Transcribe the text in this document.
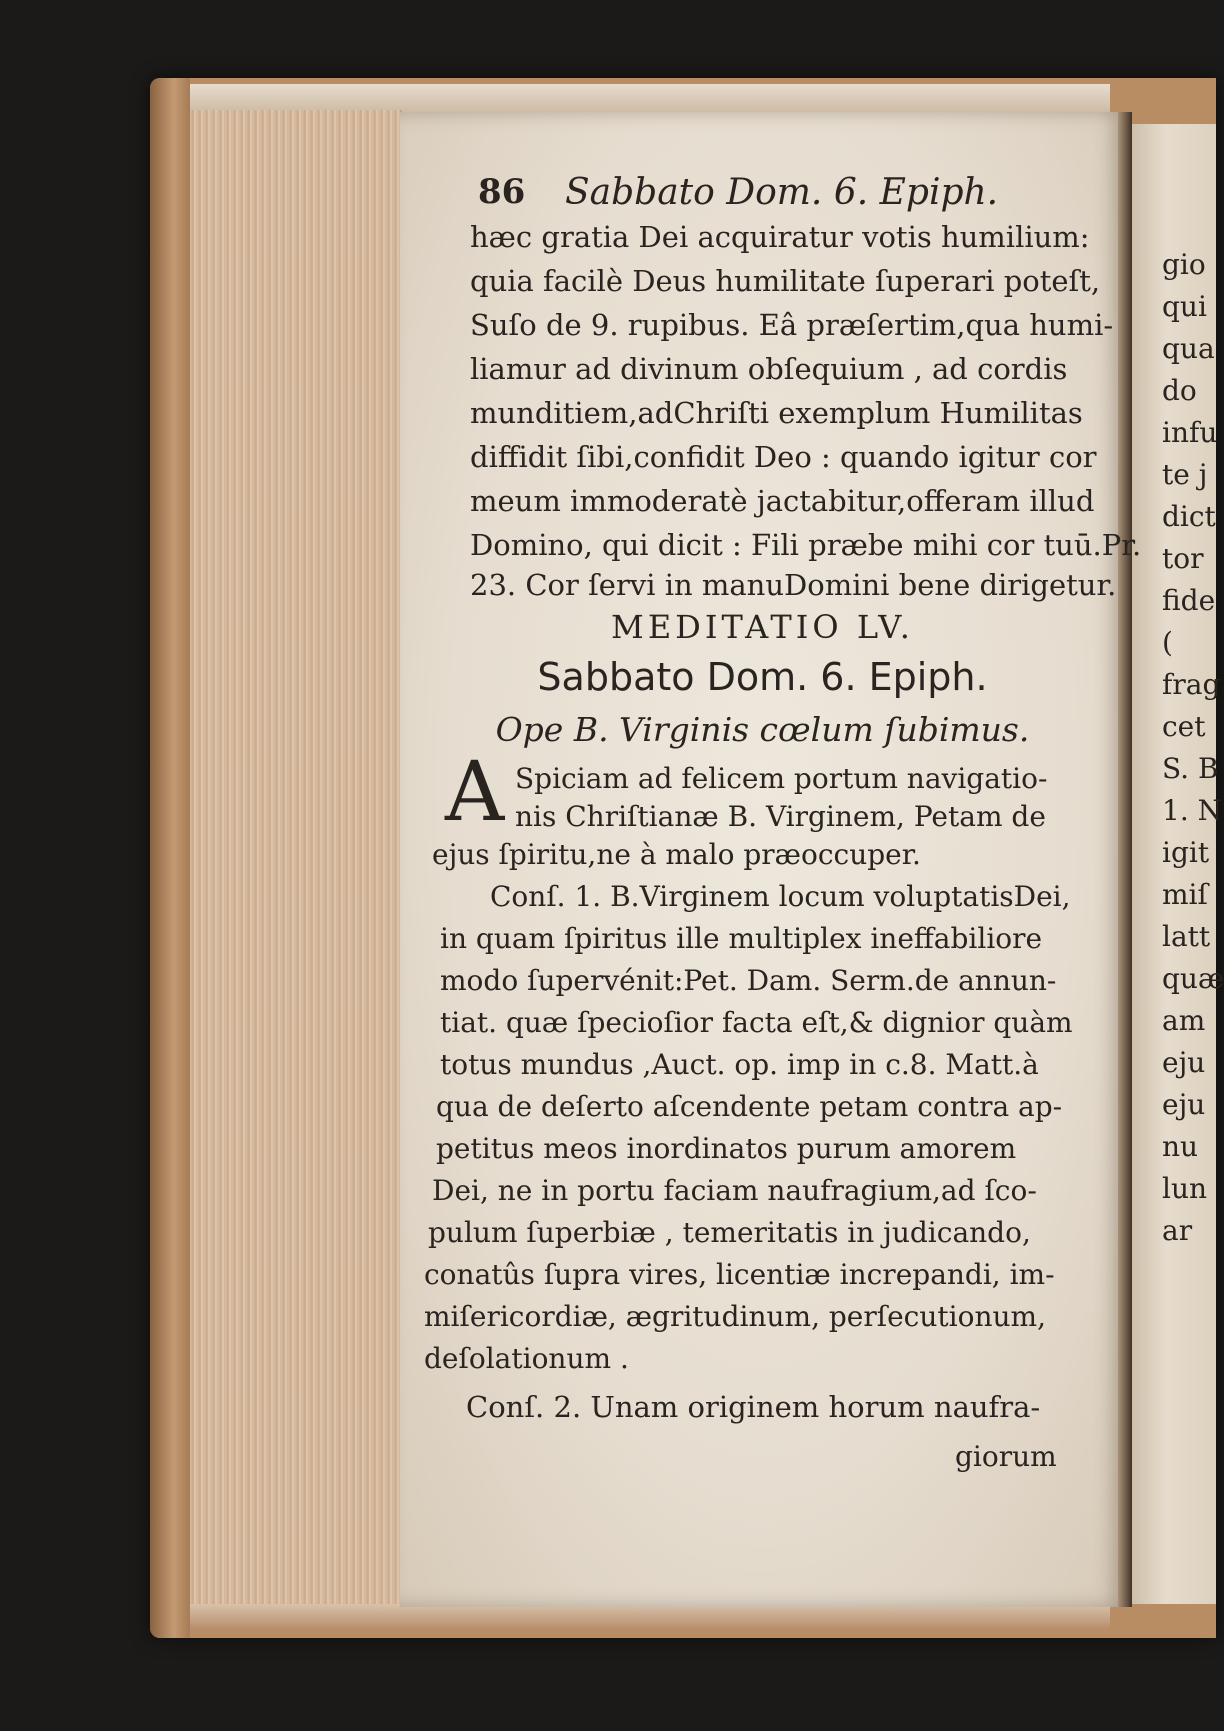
86 Sabbato Dom. 6. Epiph.
hæc gratia Dei acquiratur votis humilium:
quia facilè Deus humilitate ſuperari poteſt,
Suſo de 9. rupibus. Eâ præſertim,qua humi-
liamur ad divinum obſequium , ad cordis
munditiem,adChriſti exemplum Humilitas
diffidit ſibi,confidit Deo : quando igitur cor
meum immoderatè jactabitur,offeram illud
Domino, qui dicit : Fili præbe mihi cor tuū.Pr.
23. Cor ſervi in manuDomini bene dirigetur.
MEDITATIO LV.
Sabbato Dom. 6. Epiph.
Ope B. Virginis cœlum ſubimus.
A Spiciam ad felicem portum navigatio-
nis Chriſtianæ B. Virginem, Petam de
ejus ſpiritu,ne à malo præoccuper.
Conſ. 1. B.Virginem locum voluptatisDei,
in quam ſpiritus ille multiplex ineffabiliore
modo ſupervénit:Pet. Dam. Serm.de annun-
tiat. quæ ſpecioſior facta eſt,& dignior quàm
totus mundus ,Auct. op. imp in c.8. Matt.à
qua de deſerto aſcendente petam contra ap-
petitus meos inordinatos purum amorem
Dei, ne in portu faciam naufragium,ad ſco-
pulum ſuperbiæ , temeritatis in judicando,
conatûs ſupra vires, licentiæ increpandi, im-
miſericordiæ, ægritudinum, perſecutionum,
deſolationum .
Conſ. 2. Unam originem horum naufra-
giorum
gio
qui
qua
do
infu
te j
dict
tor
fide
(
frag
cet
S. B
1. N
igit
miſ
latt
quæ
am
eju
eju
nu
lun
ar
